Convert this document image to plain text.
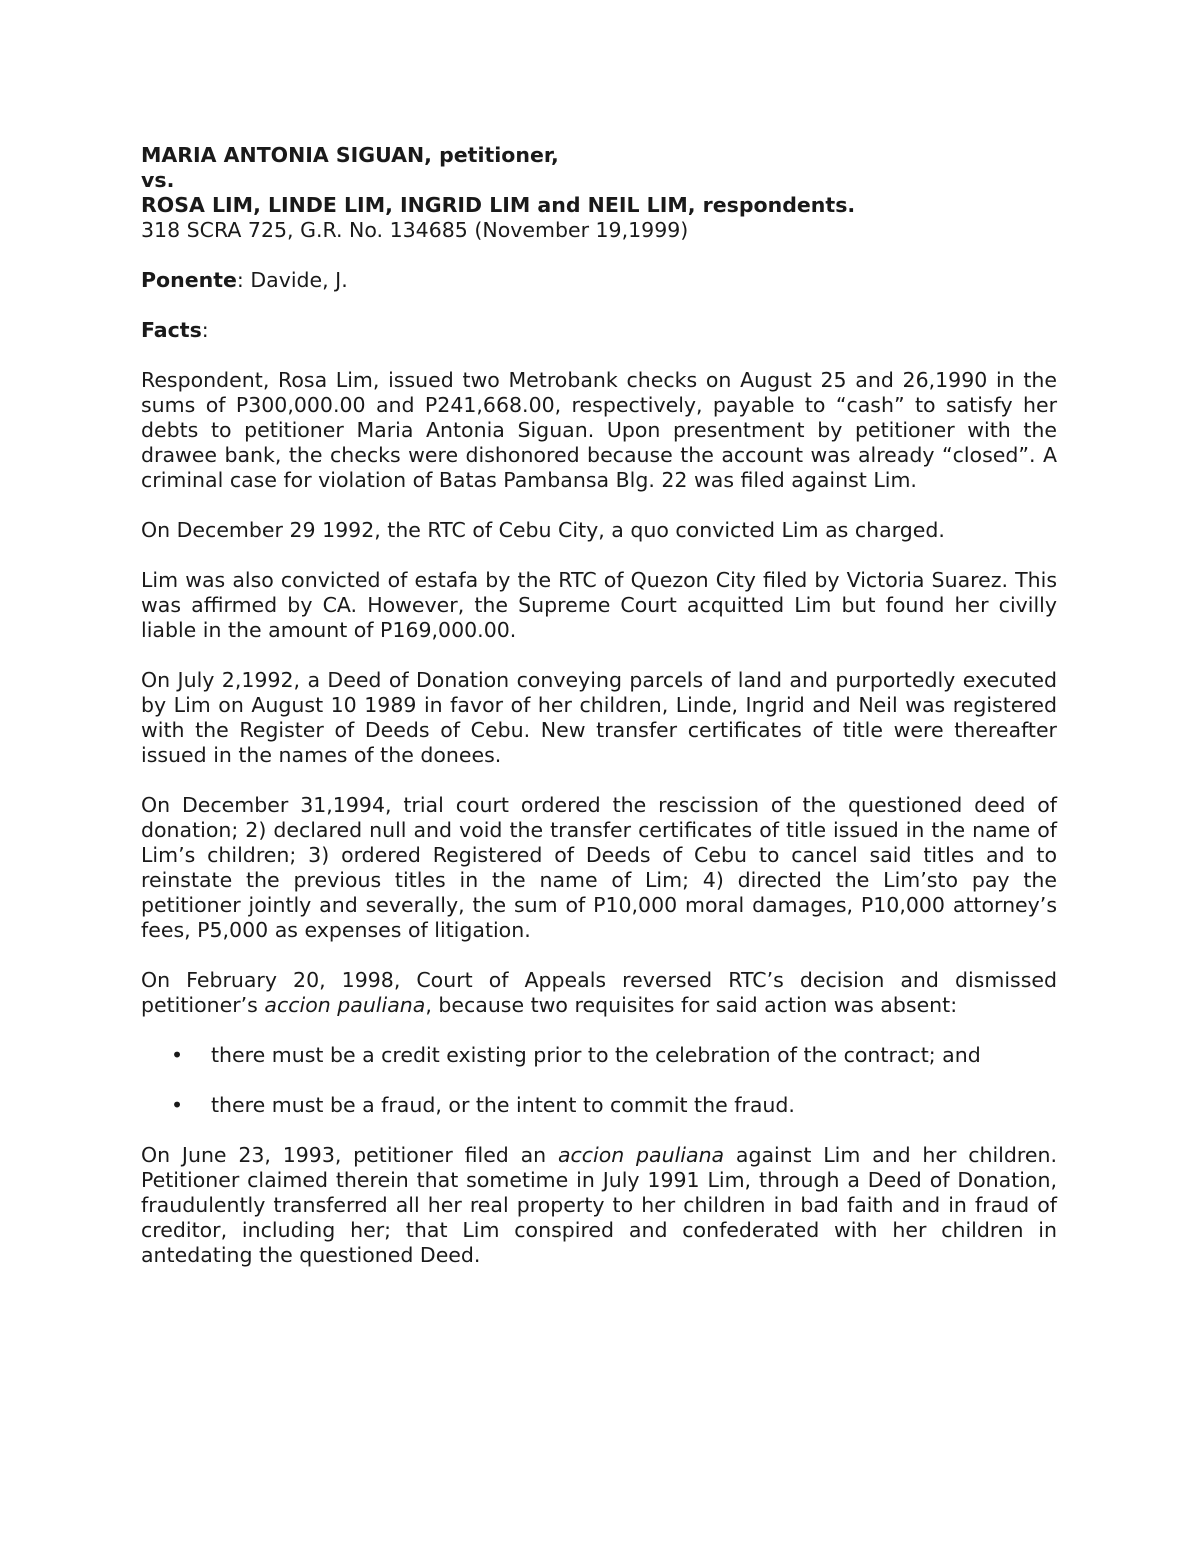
MARIA ANTONIA SIGUAN, petitioner,
vs.
ROSA LIM, LINDE LIM, INGRID LIM and NEIL LIM, respondents.
318 SCRA 725, G.R. No. 134685 (November 19,1999)
Ponente: Davide, J.
Facts:

Respondent, Rosa Lim, issued two Metrobank checks on August 25 and 26,1990 in the sums of P300,000.00 and P241,668.00, respectively, payable to “cash” to satisfy her debts to petitioner Maria Antonia Siguan. Upon presentment by petitioner with the drawee bank, the checks were dishonored because the account was already “closed”. A criminal case for violation of Batas Pambansa Blg. 22 was filed against Lim.

On December 29 1992, the RTC of Cebu City, a quo convicted Lim as charged.

Lim was also convicted of estafa by the RTC of Quezon City filed by Victoria Suarez. This was affirmed by CA. However, the Supreme Court acquitted Lim but found her civilly liable in the amount of P169,000.00.

On July 2,1992, a Deed of Donation conveying parcels of land and purportedly executed by Lim on August 10 1989 in favor of her children, Linde, Ingrid and Neil was registered with the Register of Deeds of Cebu. New transfer certificates of title were thereafter issued in the names of the donees.

On December 31,1994, trial court ordered the rescission of the questioned deed of donation; 2) declared null and void the transfer certificates of title issued in the name of Lim’s children; 3) ordered Registered of Deeds of Cebu to cancel said titles and to reinstate the previous titles in the name of Lim; 4) directed the Lim’sto pay the petitioner jointly and severally, the sum of P10,000 moral damages, P10,000 attorney’s fees, P5,000 as expenses of litigation.

On February 20, 1998, Court of Appeals reversed RTC’s decision and dismissed petitioner’s accion pauliana, because two requisites for said action was absent:

• there must be a credit existing prior to the celebration of the contract; and
• there must be a fraud, or the intent to commit the fraud.

On June 23, 1993, petitioner filed an accion pauliana against Lim and her children. Petitioner claimed therein that sometime in July 1991 Lim, through a Deed of Donation, fraudulently transferred all her real property to her children in bad faith and in fraud of creditor, including her; that Lim conspired and confederated with her children in antedating the questioned Deed.
